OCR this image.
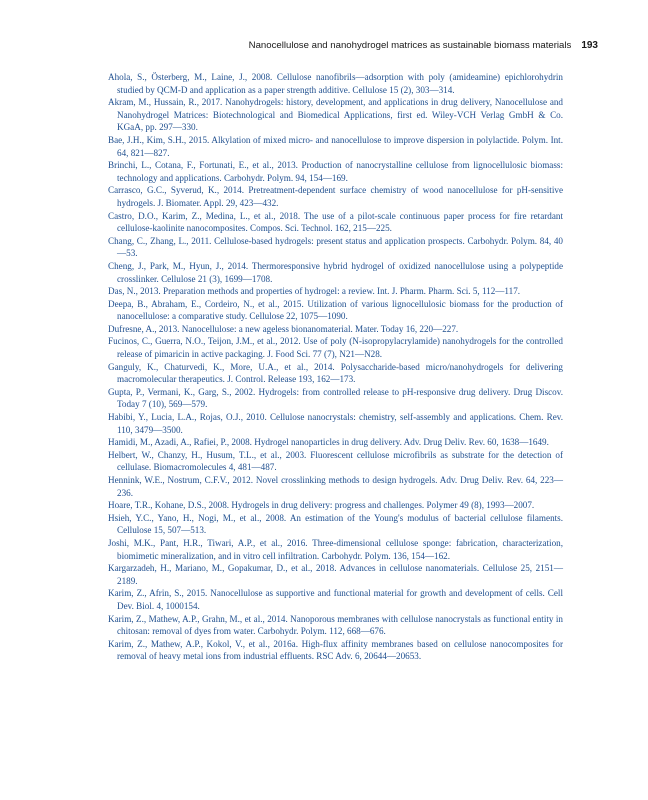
Nanocellulose and nanohydrogel matrices as sustainable biomass materials 193

Ahola, S., Österberg, M., Laine, J., 2008. Cellulose nanofibrils—adsorption with poly (amideamine) epichlorohydrin studied by QCM-D and application as a paper strength additive. Cellulose 15 (2), 303—314.

Akram, M., Hussain, R., 2017. Nanohydrogels: history, development, and applications in drug delivery, Nanocellulose and Nanohydrogel Matrices: Biotechnological and Biomedical Applications, first ed. Wiley-VCH Verlag GmbH & Co. KGaA, pp. 297—330.

Bae, J.H., Kim, S.H., 2015. Alkylation of mixed micro- and nanocellulose to improve dispersion in polylactide. Polym. Int. 64, 821—827.

Brinchi, L., Cotana, F., Fortunati, E., et al., 2013. Production of nanocrystalline cellulose from lignocellulosic biomass: technology and applications. Carbohydr. Polym. 94, 154—169.

Carrasco, G.C., Syverud, K., 2014. Pretreatment-dependent surface chemistry of wood nanocellulose for pH-sensitive hydrogels. J. Biomater. Appl. 29, 423—432.

Castro, D.O., Karim, Z., Medina, L., et al., 2018. The use of a pilot-scale continuous paper process for fire retardant cellulose-kaolinite nanocomposites. Compos. Sci. Technol. 162, 215—225.

Chang, C., Zhang, L., 2011. Cellulose-based hydrogels: present status and application prospects. Carbohydr. Polym. 84, 40—53.

Cheng, J., Park, M., Hyun, J., 2014. Thermoresponsive hybrid hydrogel of oxidized nanocellulose using a polypeptide crosslinker. Cellulose 21 (3), 1699—1708.

Das, N., 2013. Preparation methods and properties of hydrogel: a review. Int. J. Pharm. Pharm. Sci. 5, 112—117.

Deepa, B., Abraham, E., Cordeiro, N., et al., 2015. Utilization of various lignocellulosic biomass for the production of nanocellulose: a comparative study. Cellulose 22, 1075—1090.

Dufresne, A., 2013. Nanocellulose: a new ageless bionanomaterial. Mater. Today 16, 220—227.

Fucinos, C., Guerra, N.O., Teijon, J.M., et al., 2012. Use of poly (N-isopropylacrylamide) nanohydrogels for the controlled release of pimaricin in active packaging. J. Food Sci. 77 (7), N21—N28.

Ganguly, K., Chaturvedi, K., More, U.A., et al., 2014. Polysaccharide-based micro/nanohydrogels for delivering macromolecular therapeutics. J. Control. Release 193, 162—173.

Gupta, P., Vermani, K., Garg, S., 2002. Hydrogels: from controlled release to pH-responsive drug delivery. Drug Discov. Today 7 (10), 569—579.

Habibi, Y., Lucia, L.A., Rojas, O.J., 2010. Cellulose nanocrystals: chemistry, self-assembly and applications. Chem. Rev. 110, 3479—3500.

Hamidi, M., Azadi, A., Rafiei, P., 2008. Hydrogel nanoparticles in drug delivery. Adv. Drug Deliv. Rev. 60, 1638—1649.

Helbert, W., Chanzy, H., Husum, T.L., et al., 2003. Fluorescent cellulose microfibrils as substrate for the detection of cellulase. Biomacromolecules 4, 481—487.

Hennink, W.E., Nostrum, C.F.V., 2012. Novel crosslinking methods to design hydrogels. Adv. Drug Deliv. Rev. 64, 223—236.

Hoare, T.R., Kohane, D.S., 2008. Hydrogels in drug delivery: progress and challenges. Polymer 49 (8), 1993—2007.

Hsieh, Y.C., Yano, H., Nogi, M., et al., 2008. An estimation of the Young's modulus of bacterial cellulose filaments. Cellulose 15, 507—513.

Joshi, M.K., Pant, H.R., Tiwari, A.P., et al., 2016. Three-dimensional cellulose sponge: fabrication, characterization, biomimetic mineralization, and in vitro cell infiltration. Carbohydr. Polym. 136, 154—162.

Kargarzadeh, H., Mariano, M., Gopakumar, D., et al., 2018. Advances in cellulose nanomaterials. Cellulose 25, 2151—2189.

Karim, Z., Afrin, S., 2015. Nanocellulose as supportive and functional material for growth and development of cells. Cell Dev. Biol. 4, 1000154.

Karim, Z., Mathew, A.P., Grahn, M., et al., 2014. Nanoporous membranes with cellulose nanocrystals as functional entity in chitosan: removal of dyes from water. Carbohydr. Polym. 112, 668—676.

Karim, Z., Mathew, A.P., Kokol, V., et al., 2016a. High-flux affinity membranes based on cellulose nanocomposites for removal of heavy metal ions from industrial effluents. RSC Adv. 6, 20644—20653.
